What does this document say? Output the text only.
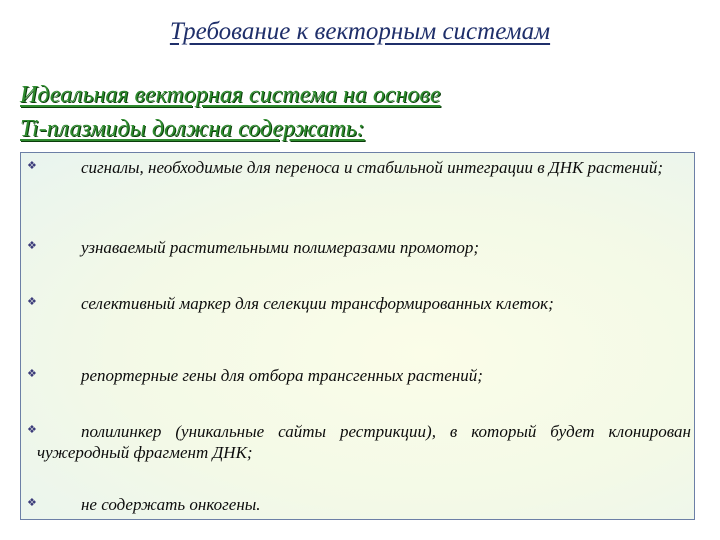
Требование к векторным системам
Идеальная векторная система на основе
Ti-плазмиды должна содержать:
❖	сигналы, необходимые для переноса и стабильной интеграции в ДНК растений;
❖	узнаваемый растительными полимеразами промотор;
❖	селективный маркер для селекции трансформированных клеток;
❖	репортерные гены для отбора трансгенных растений;
❖	полилинкер (уникальные сайты рестрикции), в который будет клонирован чужеродный фрагмент ДНК;
❖	не содержать онкогены.
